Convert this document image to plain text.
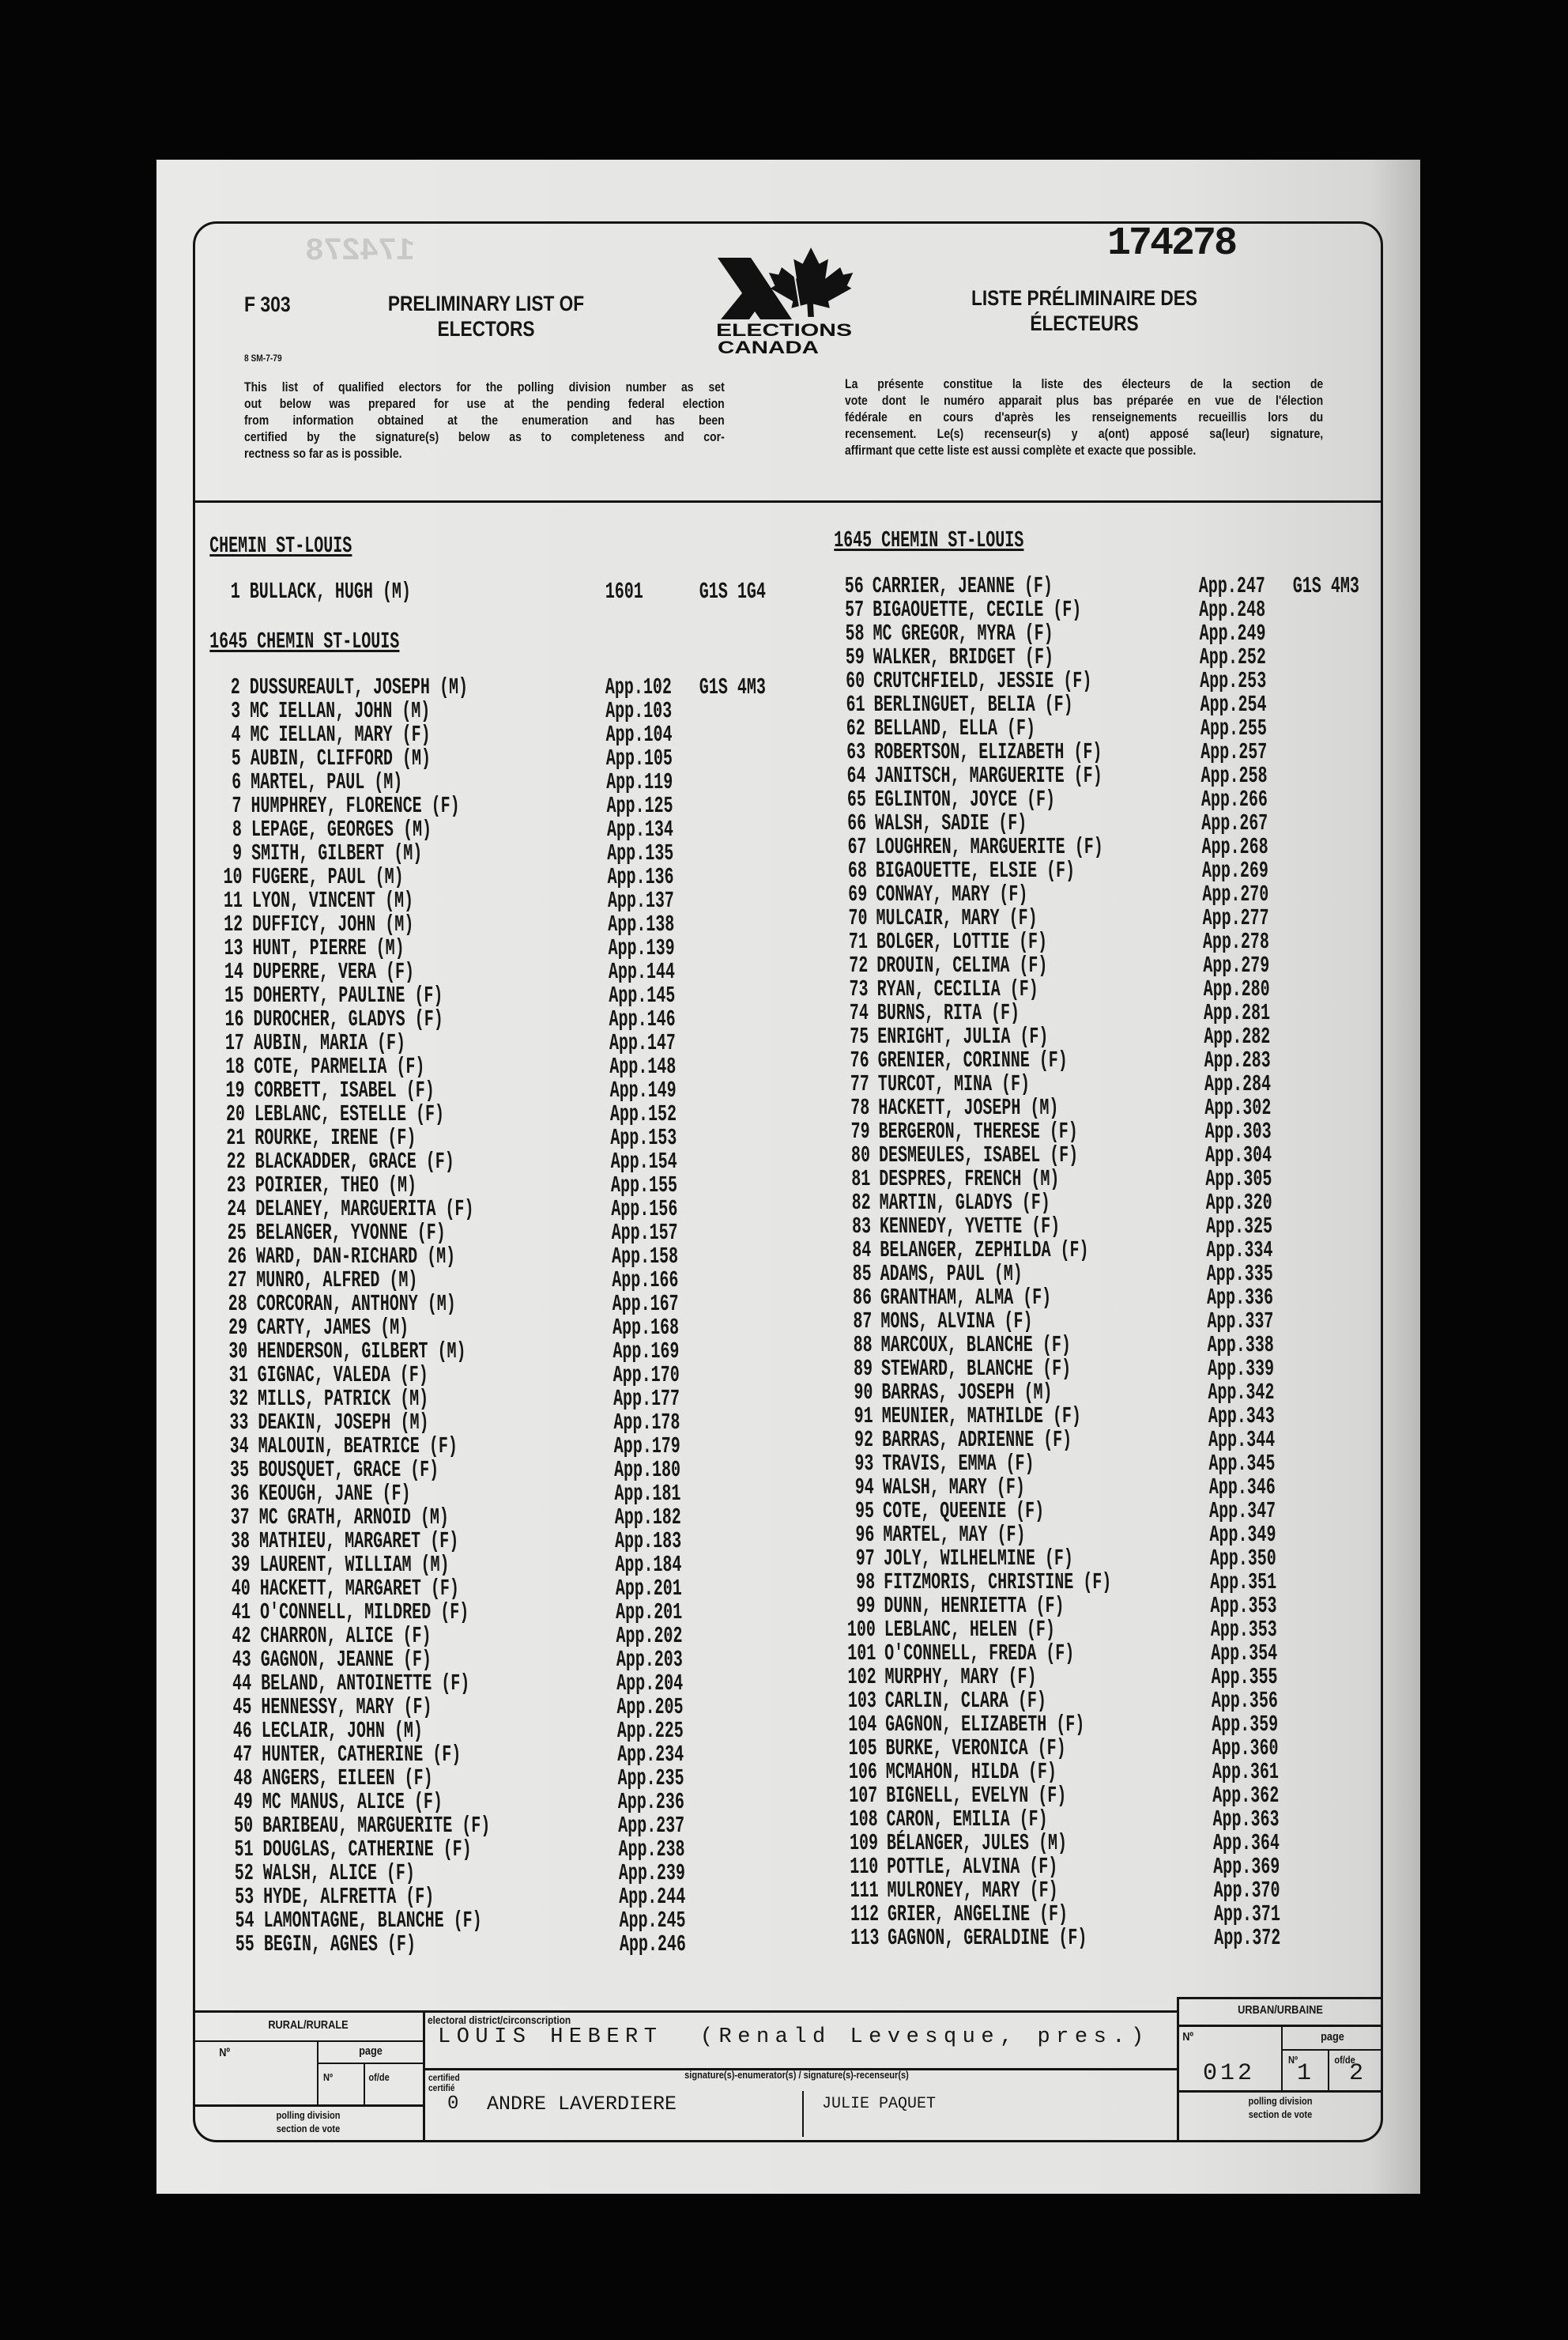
174278
F 303
8 SM-7-79
PRELIMINARY LIST OF
ELECTORS
LISTE PRÉLIMINAIRE DES
ÉLECTEURS
174278
ELECTIONS
CANADA
This list of qualified electors for the polling division number as set
out below was prepared for use at the pending federal election
from information obtained at the enumeration and has been
certified by the signature(s) below as to completeness and cor-
rectness so far as is possible.
La présente constitue la liste des électeurs de la section de
vote dont le numéro apparait plus bas préparée en vue de l'élection
fédérale en cours d'après les renseignements recueillis lors du
recensement. Le(s) recenseur(s) y a(ont) apposé sa(leur) signature,
affirmant que cette liste est aussi complète et exacte que possible.
CHEMIN ST-LOUIS
1 BULLACK, HUGH (M)	1601 G1S 1G4
1645 CHEMIN ST-LOUIS
2 DUSSUREAULT, JOSEPH (M)	App.102 G1S 4M3
3 MC IELLAN, JOHN (M)	App.103
4 MC IELLAN, MARY (F)	App.104
5 AUBIN, CLIFFORD (M)	App.105
6 MARTEL, PAUL (M)	App.119
7 HUMPHREY, FLORENCE (F)	App.125
8 LEPAGE, GEORGES (M)	App.134
9 SMITH, GILBERT (M)	App.135
10 FUGERE, PAUL (M)	App.136
11 LYON, VINCENT (M)	App.137
12 DUFFICY, JOHN (M)	App.138
13 HUNT, PIERRE (M)	App.139
14 DUPERRE, VERA (F)	App.144
15 DOHERTY, PAULINE (F)	App.145
16 DUROCHER, GLADYS (F)	App.146
17 AUBIN, MARIA (F)	App.147
18 COTE, PARMELIA (F)	App.148
19 CORBETT, ISABEL (F)	App.149
20 LEBLANC, ESTELLE (F)	App.152
21 ROURKE, IRENE (F)	App.153
22 BLACKADDER, GRACE (F)	App.154
23 POIRIER, THEO (M)	App.155
24 DELANEY, MARGUERITA (F)	App.156
25 BELANGER, YVONNE (F)	App.157
26 WARD, DAN-RICHARD (M)	App.158
27 MUNRO, ALFRED (M)	App.166
28 CORCORAN, ANTHONY (M)	App.167
29 CARTY, JAMES (M)	App.168
30 HENDERSON, GILBERT (M)	App.169
31 GIGNAC, VALEDA (F)	App.170
32 MILLS, PATRICK (M)	App.177
33 DEAKIN, JOSEPH (M)	App.178
34 MALOUIN, BEATRICE (F)	App.179
35 BOUSQUET, GRACE (F)	App.180
36 KEOUGH, JANE (F)	App.181
37 MC GRATH, ARNOID (M)	App.182
38 MATHIEU, MARGARET (F)	App.183
39 LAURENT, WILLIAM (M)	App.184
40 HACKETT, MARGARET (F)	App.201
41 O'CONNELL, MILDRED (F)	App.201
42 CHARRON, ALICE (F)	App.202
43 GAGNON, JEANNE (F)	App.203
44 BELAND, ANTOINETTE (F)	App.204
45 HENNESSY, MARY (F)	App.205
46 LECLAIR, JOHN (M)	App.225
47 HUNTER, CATHERINE (F)	App.234
48 ANGERS, EILEEN (F)	App.235
49 MC MANUS, ALICE (F)	App.236
50 BARIBEAU, MARGUERITE (F)	App.237
51 DOUGLAS, CATHERINE (F)	App.238
52 WALSH, ALICE (F)	App.239
53 HYDE, ALFRETTA (F)	App.244
54 LAMONTAGNE, BLANCHE (F)	App.245
55 BEGIN, AGNES (F)	App.246
1645 CHEMIN ST-LOUIS
56 CARRIER, JEANNE (F)	App.247 G1S 4M3
57 BIGAOUETTE, CECILE (F)	App.248
58 MC GREGOR, MYRA (F)	App.249
59 WALKER, BRIDGET (F)	App.252
60 CRUTCHFIELD, JESSIE (F)	App.253
61 BERLINGUET, BELIA (F)	App.254
62 BELLAND, ELLA (F)	App.255
63 ROBERTSON, ELIZABETH (F)	App.257
64 JANITSCH, MARGUERITE (F)	App.258
65 EGLINTON, JOYCE (F)	App.266
66 WALSH, SADIE (F)	App.267
67 LOUGHREN, MARGUERITE (F)	App.268
68 BIGAOUETTE, ELSIE (F)	App.269
69 CONWAY, MARY (F)	App.270
70 MULCAIR, MARY (F)	App.277
71 BOLGER, LOTTIE (F)	App.278
72 DROUIN, CELIMA (F)	App.279
73 RYAN, CECILIA (F)	App.280
74 BURNS, RITA (F)	App.281
75 ENRIGHT, JULIA (F)	App.282
76 GRENIER, CORINNE (F)	App.283
77 TURCOT, MINA (F)	App.284
78 HACKETT, JOSEPH (M)	App.302
79 BERGERON, THERESE (F)	App.303
80 DESMEULES, ISABEL (F)	App.304
81 DESPRES, FRENCH (M)	App.305
82 MARTIN, GLADYS (F)	App.320
83 KENNEDY, YVETTE (F)	App.325
84 BELANGER, ZEPHILDA (F)	App.334
85 ADAMS, PAUL (M)	App.335
86 GRANTHAM, ALMA (F)	App.336
87 MONS, ALVINA (F)	App.337
88 MARCOUX, BLANCHE (F)	App.338
89 STEWARD, BLANCHE (F)	App.339
90 BARRAS, JOSEPH (M)	App.342
91 MEUNIER, MATHILDE (F)	App.343
92 BARRAS, ADRIENNE (F)	App.344
93 TRAVIS, EMMA (F)	App.345
94 WALSH, MARY (F)	App.346
95 COTE, QUEENIE (F)	App.347
96 MARTEL, MAY (F)	App.349
97 JOLY, WILHELMINE (F)	App.350
98 FITZMORIS, CHRISTINE (F)	App.351
99 DUNN, HENRIETTA (F)	App.353
100 LEBLANC, HELEN (F)	App.353
101 O'CONNELL, FREDA (F)	App.354
102 MURPHY, MARY (F)	App.355
103 CARLIN, CLARA (F)	App.356
104 GAGNON, ELIZABETH (F)	App.359
105 BURKE, VERONICA (F)	App.360
106 MCMAHON, HILDA (F)	App.361
107 BIGNELL, EVELYN (F)	App.362
108 CARON, EMILIA (F)	App.363
109 BÉLANGER, JULES (M)	App.364
110 POTTLE, ALVINA (F)	App.369
111 MULRONEY, MARY (F)	App.370
112 GRIER, ANGELINE (F)	App.371
113 GAGNON, GERALDINE (F)	App.372
RURAL/RURALE
Nº	page
Nº	of/de
polling division
section de vote
electoral district/circonscription
LOUIS HEBERT  (Renald Levesque, pres.)
certified
certifié
signature(s)-enumerator(s) / signature(s)-recenseur(s)
0 ANDRE LAVERDIERE	JULIE PAQUET
URBAN/URBAINE
Nº	page
Nº	of/de
012 1 2
polling division
section de vote
